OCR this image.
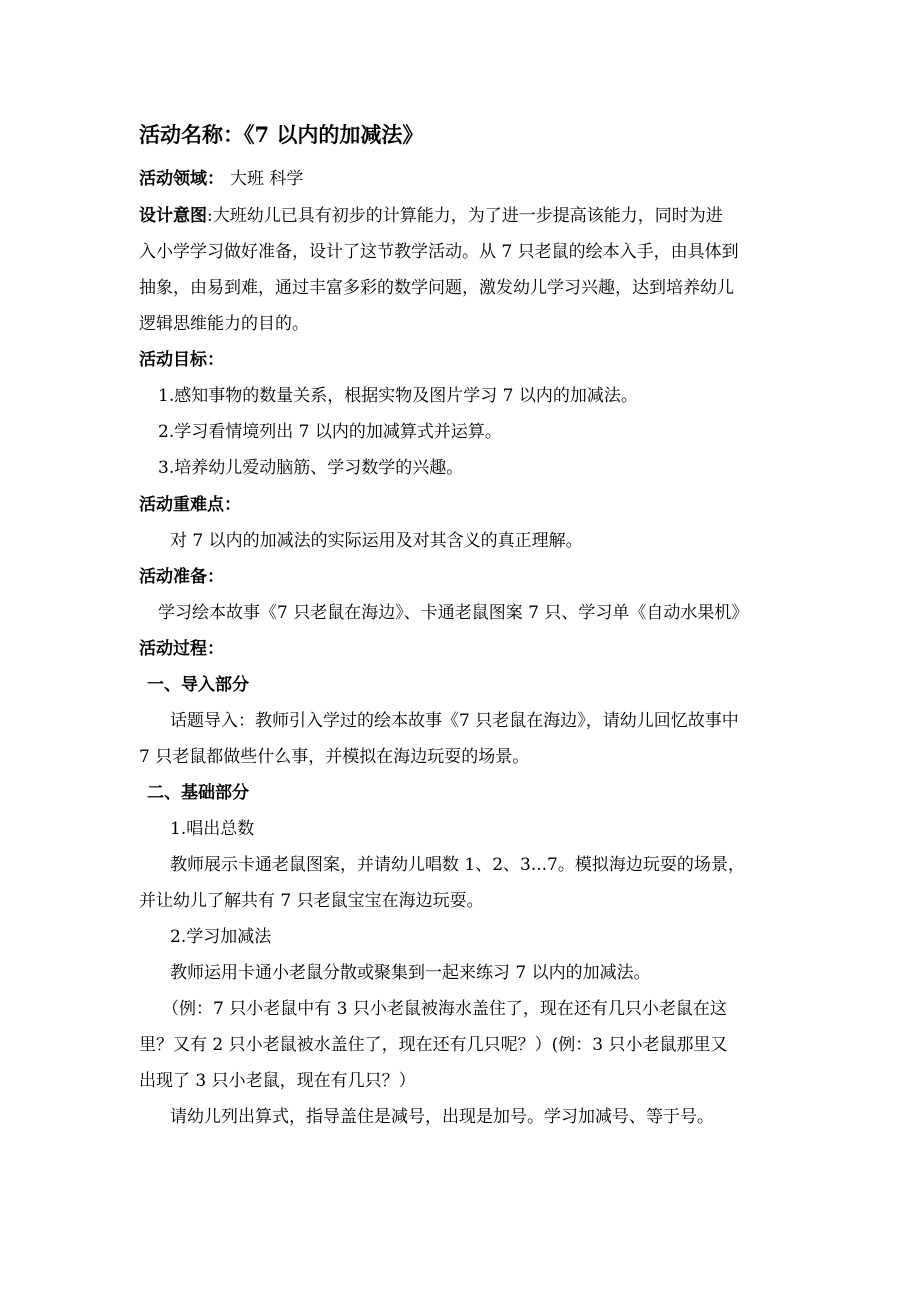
活动名称：《7 以内的加减法》
活动领域： 大班 科学
设计意图:大班幼儿已具有初步的计算能力，为了进一步提高该能力，同时为进
入小学学习做好准备，设计了这节教学活动。从 7 只老鼠的绘本入手，由具体到
抽象，由易到难，通过丰富多彩的数学问题，激发幼儿学习兴趣，达到培养幼儿
逻辑思维能力的目的。
活动目标：
1.感知事物的数量关系，根据实物及图片学习 7 以内的加减法。
2.学习看情境列出 7 以内的加减算式并运算。
3.培养幼儿爱动脑筋、学习数学的兴趣。
活动重难点：
对 7 以内的加减法的实际运用及对其含义的真正理解。
活动准备：
学习绘本故事《7 只老鼠在海边》、卡通老鼠图案 7 只、学习单《自动水果机》
活动过程：
一、导入部分
话题导入：教师引入学过的绘本故事《7 只老鼠在海边》，请幼儿回忆故事中
7 只老鼠都做些什么事，并模拟在海边玩耍的场景。
二、基础部分
1.唱出总数
教师展示卡通老鼠图案，并请幼儿唱数 1、2、3...7。模拟海边玩耍的场景，
并让幼儿了解共有 7 只老鼠宝宝在海边玩耍。
2.学习加减法
教师运用卡通小老鼠分散或聚集到一起来练习 7 以内的加减法。
（例：7 只小老鼠中有 3 只小老鼠被海水盖住了，现在还有几只小老鼠在这
里？又有 2 只小老鼠被水盖住了，现在还有几只呢？）(例：3 只小老鼠那里又
出现了 3 只小老鼠，现在有几只？）
请幼儿列出算式，指导盖住是减号，出现是加号。学习加减号、等于号。
